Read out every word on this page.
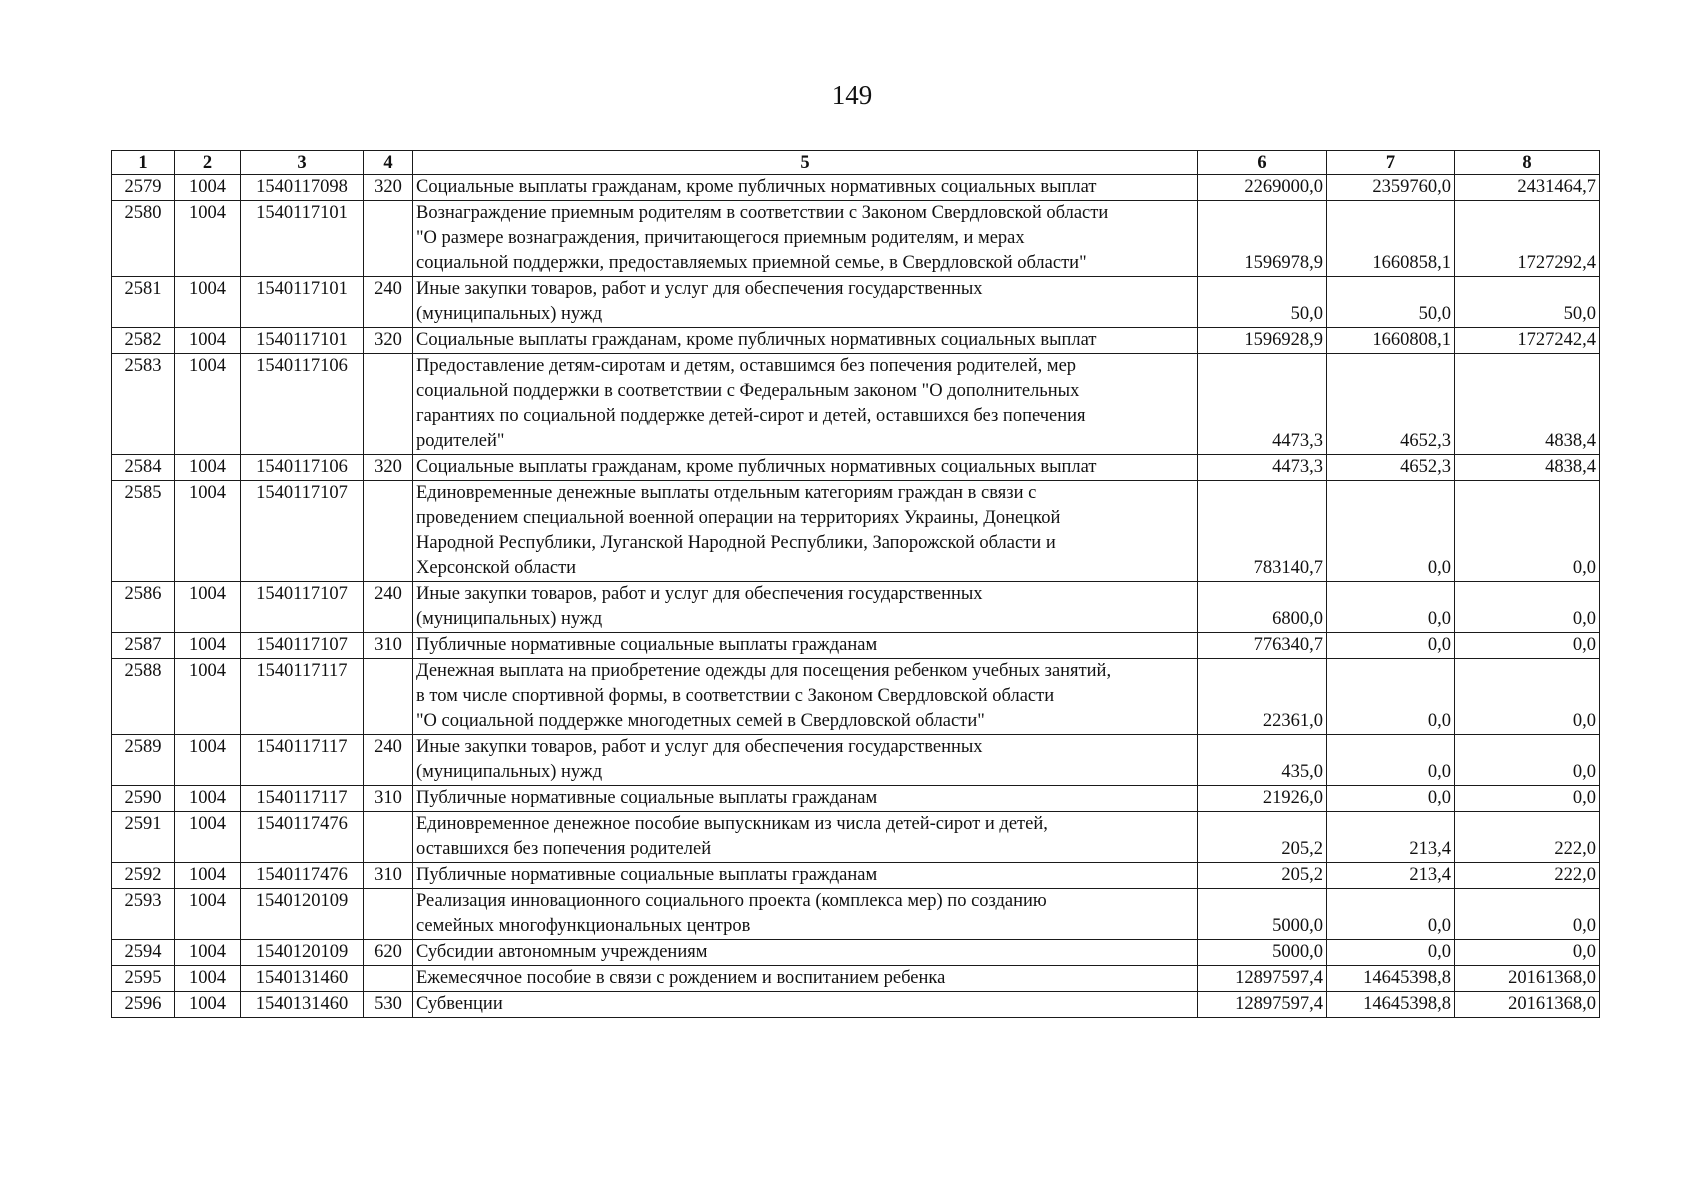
149
1	2	3	4	5	6	7	8
2579	1004	1540117098	320	Социальные выплаты гражданам, кроме публичных нормативных социальных выплат	2269000,0	2359760,0	2431464,7
2580	1004	1540117101		Вознаграждение приемным родителям в соответствии с Законом Свердловской области
"О размере вознаграждения, причитающегося приемным родителям, и мерах
социальной поддержки, предоставляемых приемной семье, в Свердловской области"	1596978,9	1660858,1	1727292,4
2581	1004	1540117101	240	Иные закупки товаров, работ и услуг для обеспечения государственных
(муниципальных) нужд	50,0	50,0	50,0
2582	1004	1540117101	320	Социальные выплаты гражданам, кроме публичных нормативных социальных выплат	1596928,9	1660808,1	1727242,4
2583	1004	1540117106		Предоставление детям-сиротам и детям, оставшимся без попечения родителей, мер
социальной поддержки в соответствии с Федеральным законом "О дополнительных
гарантиях по социальной поддержке детей-сирот и детей, оставшихся без попечения
родителей"	4473,3	4652,3	4838,4
2584	1004	1540117106	320	Социальные выплаты гражданам, кроме публичных нормативных социальных выплат	4473,3	4652,3	4838,4
2585	1004	1540117107		Единовременные денежные выплаты отдельным категориям граждан в связи с
проведением специальной военной операции на территориях Украины, Донецкой
Народной Республики, Луганской Народной Республики, Запорожской области и
Херсонской области	783140,7	0,0	0,0
2586	1004	1540117107	240	Иные закупки товаров, работ и услуг для обеспечения государственных
(муниципальных) нужд	6800,0	0,0	0,0
2587	1004	1540117107	310	Публичные нормативные социальные выплаты гражданам	776340,7	0,0	0,0
2588	1004	1540117117		Денежная выплата на приобретение одежды для посещения ребенком учебных занятий,
в том числе спортивной формы, в соответствии с Законом Свердловской области
"О социальной поддержке многодетных семей в Свердловской области"	22361,0	0,0	0,0
2589	1004	1540117117	240	Иные закупки товаров, работ и услуг для обеспечения государственных
(муниципальных) нужд	435,0	0,0	0,0
2590	1004	1540117117	310	Публичные нормативные социальные выплаты гражданам	21926,0	0,0	0,0
2591	1004	1540117476		Единовременное денежное пособие выпускникам из числа детей-сирот и детей,
оставшихся без попечения родителей	205,2	213,4	222,0
2592	1004	1540117476	310	Публичные нормативные социальные выплаты гражданам	205,2	213,4	222,0
2593	1004	1540120109		Реализация инновационного социального проекта (комплекса мер) по созданию
семейных многофункциональных центров	5000,0	0,0	0,0
2594	1004	1540120109	620	Субсидии автономным учреждениям	5000,0	0,0	0,0
2595	1004	1540131460		Ежемесячное пособие в связи с рождением и воспитанием ребенка	12897597,4	14645398,8	20161368,0
2596	1004	1540131460	530	Субвенции	12897597,4	14645398,8	20161368,0
